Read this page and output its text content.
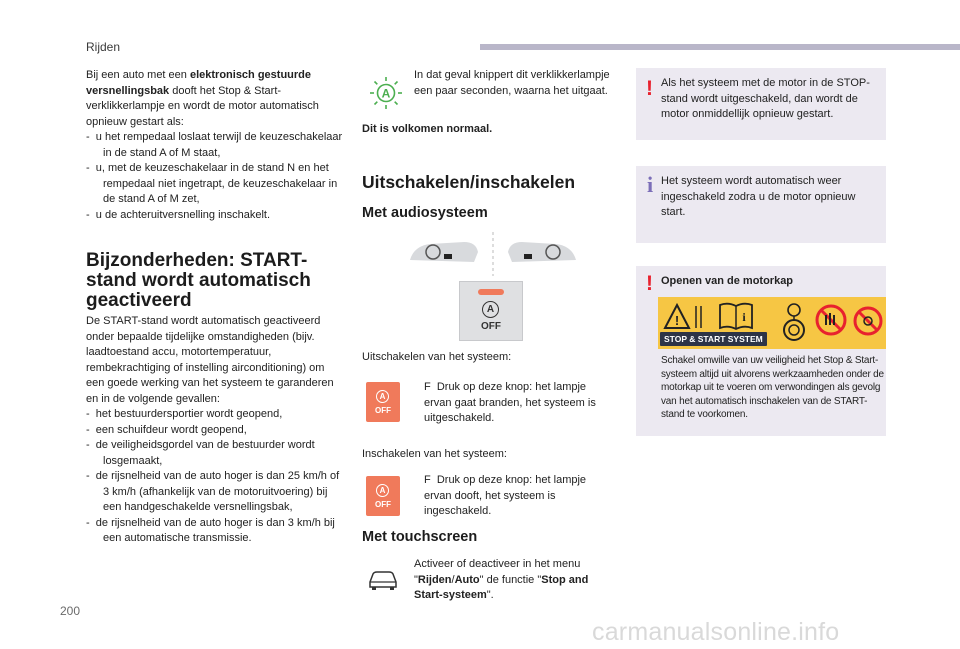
Rijden

Bij een auto met een elektronisch gestuurde versnellingsbak dooft het Stop & Start-verklikkerlampje en wordt de motor automatisch opnieuw gestart als:

-  u het rempedaal loslaat terwijl de keuzeschakelaar in de stand A of M staat,

-  u, met de keuzeschakelaar in de stand N en het rempedaal niet ingetrapt, de keuzeschakelaar in de stand A of M zet,

-  u de achteruitversnelling inschakelt.

Bijzonderheden: START-
stand wordt automatisch
geactiveerd

De START-stand wordt automatisch geactiveerd onder bepaalde tijdelijke omstandigheden (bijv. laadtoestand accu, motortemperatuur, rembekrachtiging of instelling airconditioning) om een goede werking van het systeem te garanderen en in de volgende gevallen:

-  het bestuurdersportier wordt geopend,

-  een schuifdeur wordt geopend,

-  de veiligheidsgordel van de bestuurder wordt losgemaakt,

-  de rijsnelheid van de auto hoger is dan 25 km/h of 3 km/h (afhankelijk van de motoruitvoering) bij een handgeschakelde versnellingsbak,

-  de rijsnelheid van de auto hoger is dan 3 km/h bij een automatische transmissie.

A
In dat geval knippert dit verklikkerlampje een paar seconden, waarna het uitgaat.
Dit is volkomen normaal.
Uitschakelen/inschakelen
Met audiosysteem
A
OFF
Uitschakelen van het systeem:
A
OFF
F  Druk op deze knop: het lampje ervan gaat branden, het systeem is uitgeschakeld.
Inschakelen van het systeem:
A
OFF
F  Druk op deze knop: het lampje ervan dooft, het systeem is ingeschakeld.
Met touchscreen
Activeer of deactiveer in het menu "Rijden/Auto" de functie "Stop and Start-systeem".
! Als het systeem met de motor in de STOP-stand wordt uitgeschakeld, dan wordt de motor onmiddellijk opnieuw gestart.
i Het systeem wordt automatisch weer ingeschakeld zodra u de motor opnieuw start.
! Openen van de motorkap
!	i
STOP & START SYSTEM
Schakel omwille van uw veiligheid het Stop & Start-systeem altijd uit alvorens werkzaamheden onder de motorkap uit te voeren om verwondingen als gevolg van het automatisch inschakelen van de START-stand te voorkomen.
200
carmanualsonline.info
